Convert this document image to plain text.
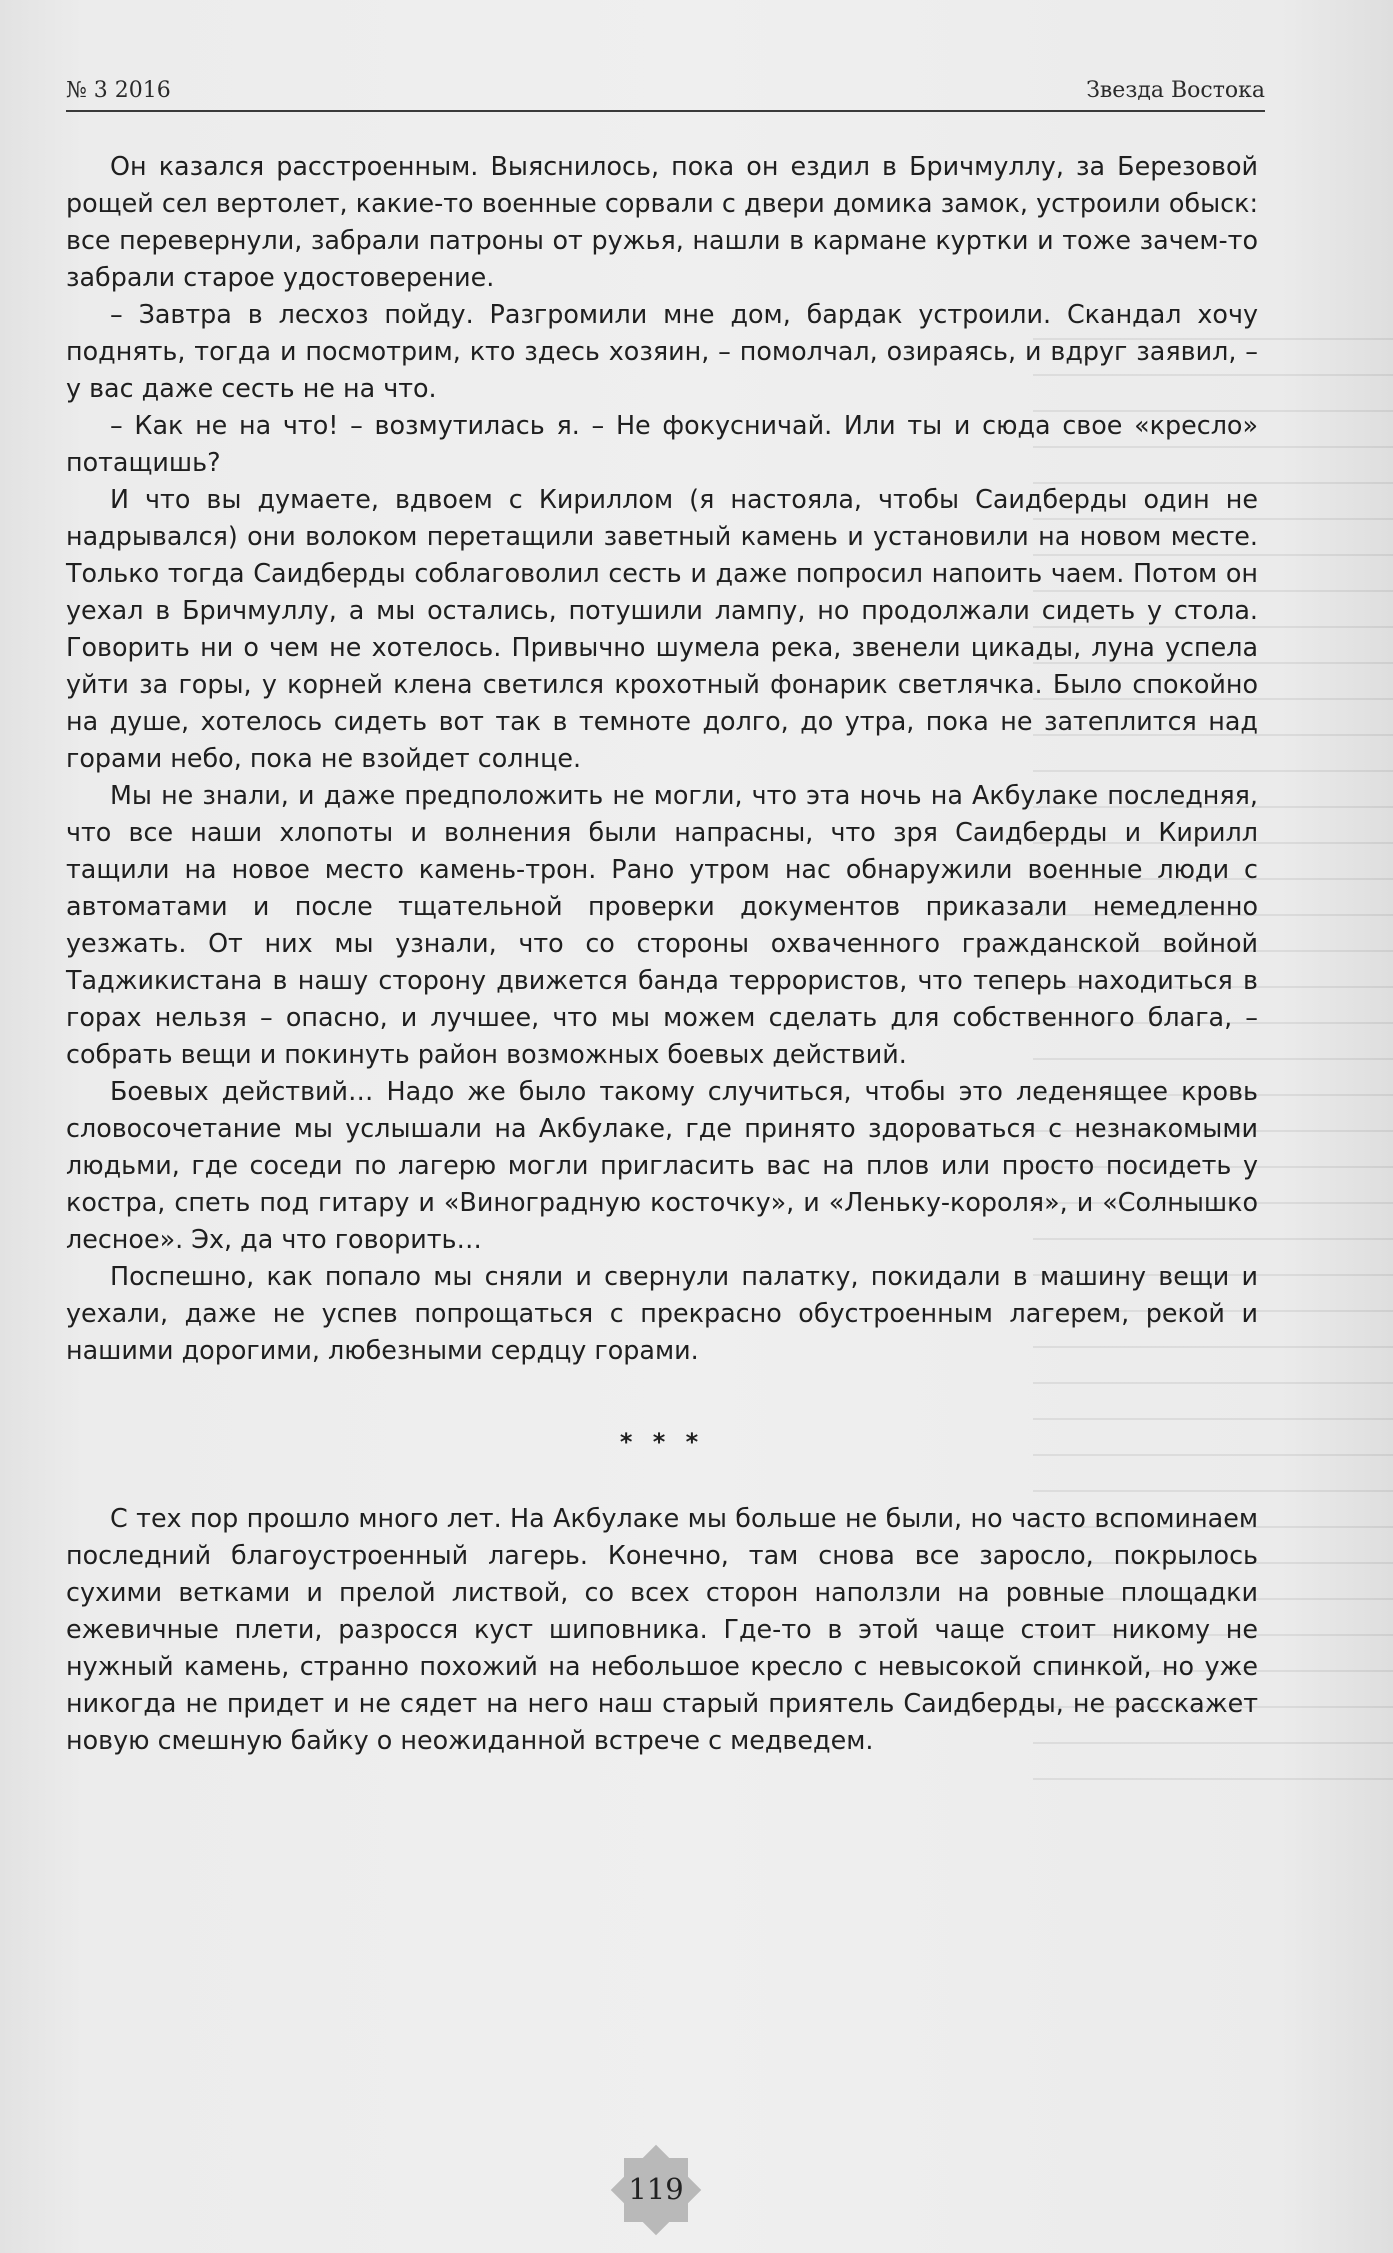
№ 3 2016	Звезда Востока

Он казался расстроенным. Выяснилось, пока он ездил в Бричмуллу, за Березовой рощей сел вертолет, какие-то военные сорвали с двери домика замок, устроили обыск: все перевернули, забрали патроны от ружья, нашли в кармане куртки и тоже зачем-то забрали старое удостоверение.

– Завтра в лесхоз пойду. Разгромили мне дом, бардак устроили. Скандал хочу поднять, тогда и посмотрим, кто здесь хозяин, – помолчал, озираясь, и вдруг заявил, – у вас даже сесть не на что.

– Как не на что! – возмутилась я. – Не фокусничай. Или ты и сюда свое «кресло» потащишь?

И что вы думаете, вдвоем с Кириллом (я настояла, чтобы Саидберды один не надрывался) они волоком перетащили заветный камень и установили на новом месте. Только тогда Саидберды соблаговолил сесть и даже попросил напоить чаем. Потом он уехал в Бричмуллу, а мы остались, потушили лампу, но продолжали сидеть у стола. Говорить ни о чем не хотелось. Привычно шумела река, звенели цикады, луна успела уйти за горы, у корней клена светился крохотный фонарик светлячка. Было спокойно на душе, хотелось сидеть вот так в темноте долго, до утра, пока не затеплится над горами небо, пока не взойдет солнце.

Мы не знали, и даже предположить не могли, что эта ночь на Акбулаке последняя, что все наши хлопоты и волнения были напрасны, что зря Саидберды и Кирилл тащили на новое место камень-трон. Рано утром нас обнаружили военные люди с автоматами и после тщательной проверки документов приказали немедленно уезжать. От них мы узнали, что со стороны охваченного гражданской войной Таджикистана в нашу сторону движется банда террористов, что теперь находиться в горах нельзя – опасно, и лучшее, что мы можем сделать для собственного блага, – собрать вещи и покинуть район возможных боевых действий.

Боевых действий… Надо же было такому случиться, чтобы это леденящее кровь словосочетание мы услышали на Акбулаке, где принято здороваться с незнакомыми людьми, где соседи по лагерю могли пригласить вас на плов или просто посидеть у костра, спеть под гитару и «Виноградную косточку», и «Леньку-короля», и «Солнышко лесное». Эх, да что говорить…

Поспешно, как попало мы сняли и свернули палатку, покидали в машину вещи и уехали, даже не успев попрощаться с прекрасно обустроенным лагерем, рекой и нашими дорогими, любезными сердцу горами.

* * *

С тех пор прошло много лет. На Акбулаке мы больше не были, но часто вспоминаем последний благоустроенный лагерь. Конечно, там снова все заросло, покрылось сухими ветками и прелой листвой, со всех сторон наползли на ровные площадки ежевичные плети, разросся куст шиповника. Где-то в этой чаще стоит никому не нужный камень, странно похожий на небольшое кресло с невысокой спинкой, но уже никогда не придет и не сядет на него наш старый приятель Саидберды, не расскажет новую смешную байку о неожиданной встрече с медведем.

119
